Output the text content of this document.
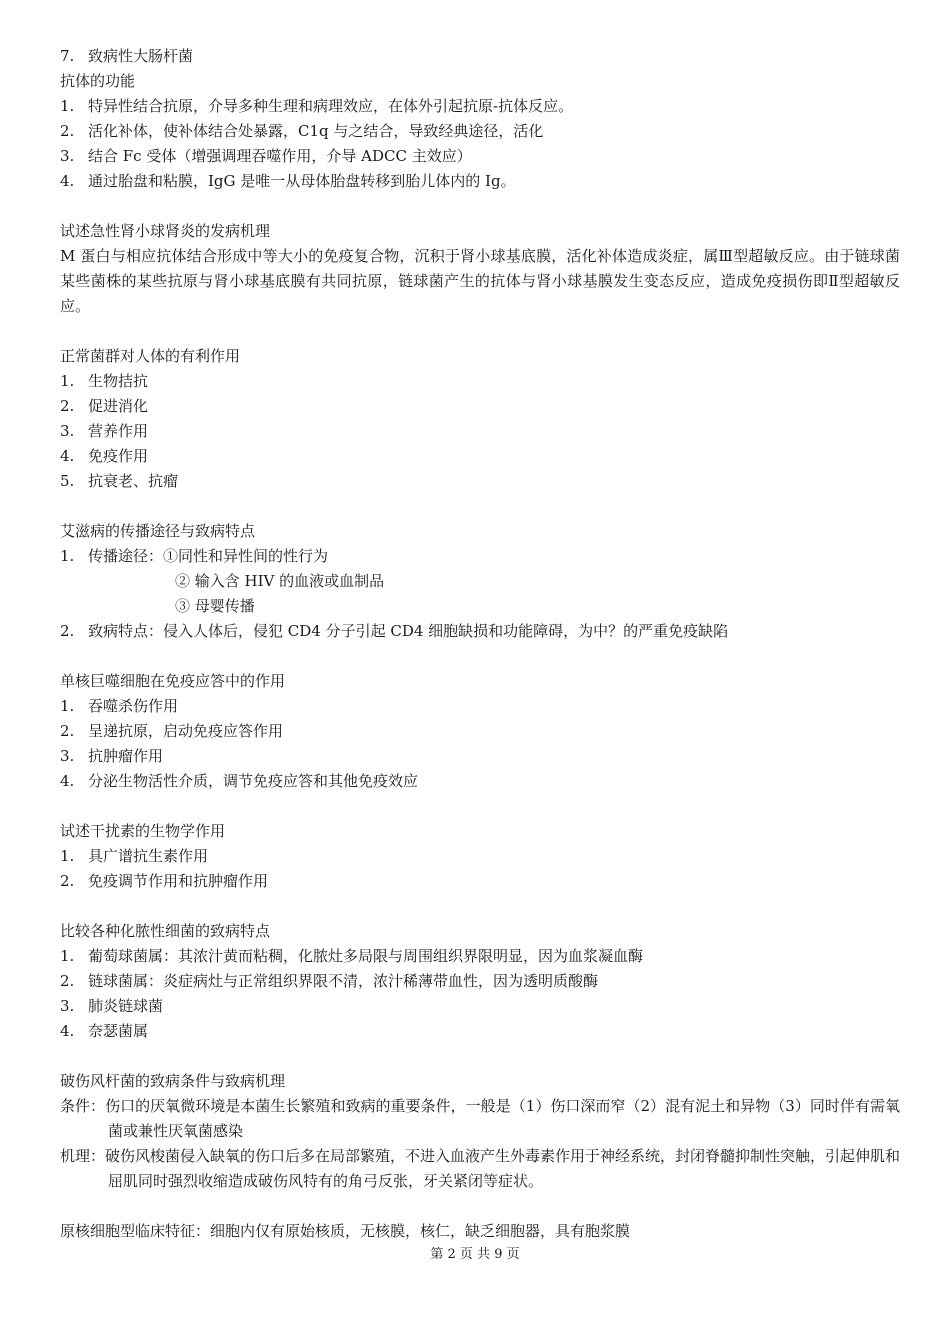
7. 致病性大肠杆菌
抗体的功能
1. 特异性结合抗原，介导多种生理和病理效应，在体外引起抗原-抗体反应。
2. 活化补体，使补体结合处暴露，C1q 与之结合，导致经典途径，活化
3. 结合 Fc 受体（增强调理吞噬作用，介导 ADCC 主效应）
4. 通过胎盘和粘膜，IgG 是唯一从母体胎盘转移到胎儿体内的 Ig。
试述急性肾小球肾炎的发病机理
M 蛋白与相应抗体结合形成中等大小的免疫复合物，沉积于肾小球基底膜，活化补体造成炎症，属Ⅲ型超敏反应。由于链球菌某些菌株的某些抗原与肾小球基底膜有共同抗原，链球菌产生的抗体与肾小球基膜发生变态反应，造成免疫损伤即Ⅱ型超敏反应。
正常菌群对人体的有利作用
1. 生物拮抗
2. 促进消化
3. 营养作用
4. 免疫作用
5. 抗衰老、抗瘤
艾滋病的传播途径与致病特点
1. 传播途径：①同性和异性间的性行为
② 输入含 HIV 的血液或血制品
③ 母婴传播
2. 致病特点：侵入人体后，侵犯 CD4 分子引起 CD4 细胞缺损和功能障碍，为中？的严重免疫缺陷
单核巨噬细胞在免疫应答中的作用
1. 吞噬杀伤作用
2. 呈递抗原，启动免疫应答作用
3. 抗肿瘤作用
4. 分泌生物活性介质，调节免疫应答和其他免疫效应
试述干扰素的生物学作用
1. 具广谱抗生素作用
2. 免疫调节作用和抗肿瘤作用
比较各种化脓性细菌的致病特点
1. 葡萄球菌属：其浓汁黄而粘稠，化脓灶多局限与周围组织界限明显，因为血浆凝血酶
2. 链球菌属：炎症病灶与正常组织界限不清，浓汁稀薄带血性，因为透明质酸酶
3. 肺炎链球菌
4. 奈瑟菌属
破伤风杆菌的致病条件与致病机理
条件：伤口的厌氧微环境是本菌生长繁殖和致病的重要条件，一般是（1）伤口深而窄（2）混有泥土和异物（3）同时伴有需氧菌或兼性厌氧菌感染
机理：破伤风梭菌侵入缺氧的伤口后多在局部繁殖，不进入血液产生外毒素作用于神经系统，封闭脊髓抑制性突触，引起伸肌和屈肌同时强烈收缩造成破伤风特有的角弓反张，牙关紧闭等症状。
原核细胞型临床特征：细胞内仅有原始核质，无核膜，核仁，缺乏细胞器，具有胞浆膜
第 2 页 共 9 页
